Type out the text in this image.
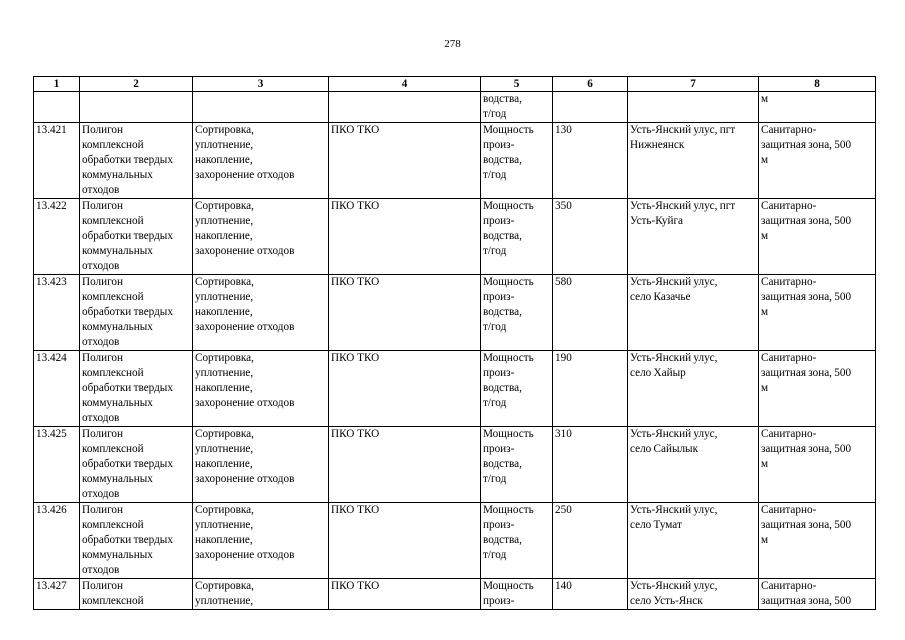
278
1	2	3	4	5	6	7	8

				водства,
т/год			м

13.421	Полигон
комплексной
обработки твердых
коммунальных
отходов	Сортировка,
уплотнение,
накопление,
захоронение отходов	ПКО ТКО	Мощность
произ-
водства,
т/год	130	Усть-Янский улус, пгт
Нижнеянск	Санитарно-
защитная зона, 500
м

13.422	Полигон
комплексной
обработки твердых
коммунальных
отходов	Сортировка,
уплотнение,
накопление,
захоронение отходов	ПКО ТКО	Мощность
произ-
водства,
т/год	350	Усть-Янский улус, пгт
Усть-Куйга	Санитарно-
защитная зона, 500
м

13.423	Полигон
комплексной
обработки твердых
коммунальных
отходов	Сортировка,
уплотнение,
накопление,
захоронение отходов	ПКО ТКО	Мощность
произ-
водства,
т/год	580	Усть-Янский улус,
село Казачье	Санитарно-
защитная зона, 500
м

13.424	Полигон
комплексной
обработки твердых
коммунальных
отходов	Сортировка,
уплотнение,
накопление,
захоронение отходов	ПКО ТКО	Мощность
произ-
водства,
т/год	190	Усть-Янский улус,
село Хайыр	Санитарно-
защитная зона, 500
м

13.425	Полигон
комплексной
обработки твердых
коммунальных
отходов	Сортировка,
уплотнение,
накопление,
захоронение отходов	ПКО ТКО	Мощность
произ-
водства,
т/год	310	Усть-Янский улус,
село Сайылык	Санитарно-
защитная зона, 500
м

13.426	Полигон
комплексной
обработки твердых
коммунальных
отходов	Сортировка,
уплотнение,
накопление,
захоронение отходов	ПКО ТКО	Мощность
произ-
водства,
т/год	250	Усть-Янский улус,
село Тумат	Санитарно-
защитная зона, 500
м

13.427	Полигон
комплексной	Сортировка,
уплотнение,	ПКО ТКО	Мощность
произ-	140	Усть-Янский улус,
село Усть-Янск	Санитарно-
защитная зона, 500
